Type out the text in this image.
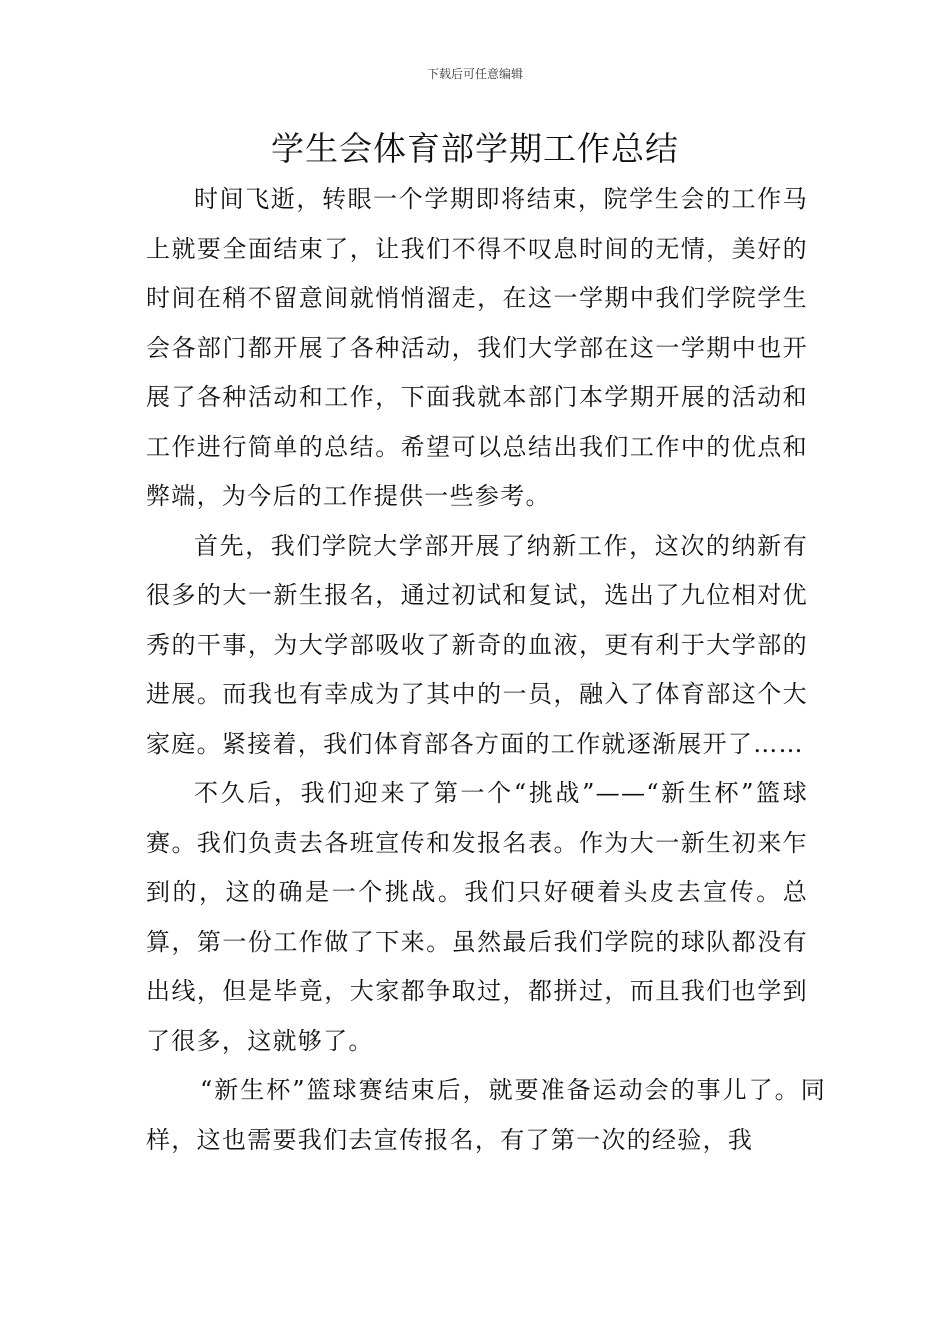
下载后可任意编辑
学生会体育部学期工作总结

时间飞逝，转眼一个学期即将结束，院学生会的工作马上就要全面结束了，让我们不得不叹息时间的无情，美好的时间在稍不留意间就悄悄溜走，在这一学期中我们学院学生会各部门都开展了各种活动，我们大学部在这一学期中也开展了各种活动和工作，下面我就本部门本学期开展的活动和工作进行简单的总结。希望可以总结出我们工作中的优点和弊端，为今后的工作提供一些参考。

首先，我们学院大学部开展了纳新工作，这次的纳新有很多的大一新生报名，通过初试和复试，选出了九位相对优秀的干事，为大学部吸收了新奇的血液，更有利于大学部的进展。而我也有幸成为了其中的一员，融入了体育部这个大家庭。紧接着，我们体育部各方面的工作就逐渐展开了……

不久后，我们迎来了第一个“挑战”——“新生杯”篮球赛。我们负责去各班宣传和发报名表。作为大一新生初来乍到的，这的确是一个挑战。我们只好硬着头皮去宣传。总算，第一份工作做了下来。虽然最后我们学院的球队都没有出线，但是毕竟，大家都争取过，都拼过，而且我们也学到了很多，这就够了。

“新生杯”篮球赛结束后，就要准备运动会的事儿了。同样，这也需要我们去宣传报名，有了第一次的经验，我
